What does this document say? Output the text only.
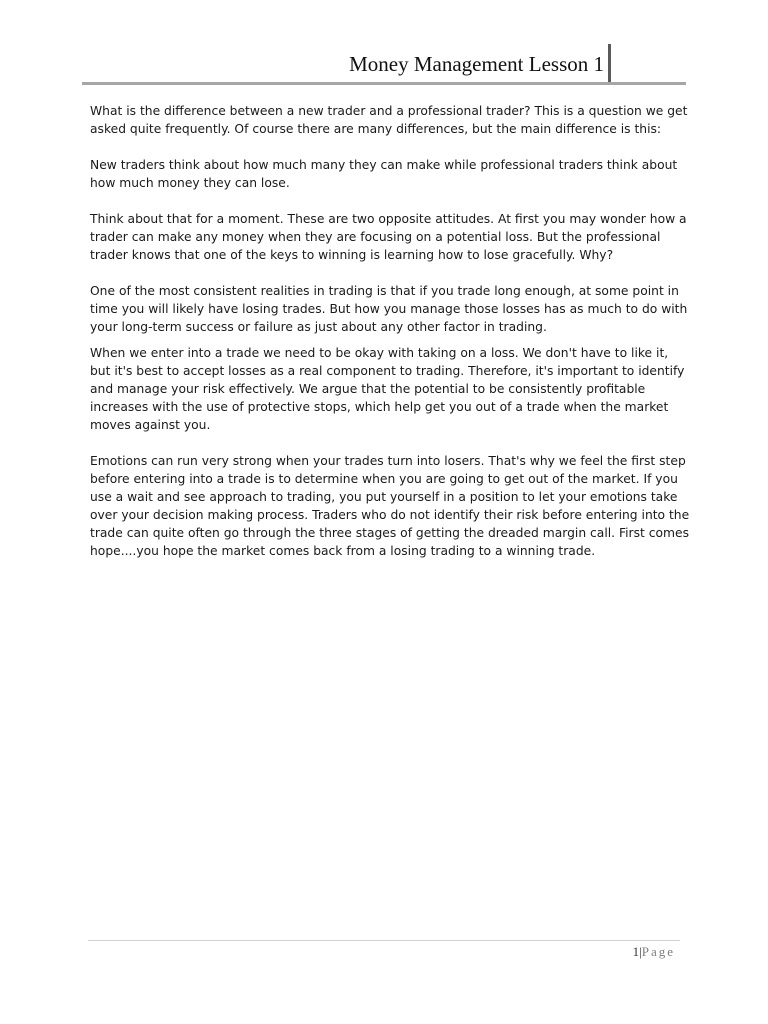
Money Management Lesson 1

What is the difference between a new trader and a professional trader? This is a question we get asked quite frequently. Of course there are many differences, but the main difference is this:

New traders think about how much many they can make while professional traders think about how much money they can lose.

Think about that for a moment. These are two opposite attitudes. At first you may wonder how a trader can make any money when they are focusing on a potential loss. But the professional trader knows that one of the keys to winning is learning how to lose gracefully. Why?

One of the most consistent realities in trading is that if you trade long enough, at some point in time you will likely have losing trades. But how you manage those losses has as much to do with your long-term success or failure as just about any other factor in trading.

When we enter into a trade we need to be okay with taking on a loss. We don't have to like it, but it's best to accept losses as a real component to trading. Therefore, it's important to identify and manage your risk effectively. We argue that the potential to be consistently profitable increases with the use of protective stops, which help get you out of a trade when the market moves against you.

Emotions can run very strong when your trades turn into losers. That's why we feel the first step before entering into a trade is to determine when you are going to get out of the market. If you use a wait and see approach to trading, you put yourself in a position to let your emotions take over your decision making process. Traders who do not identify their risk before entering into the trade can quite often go through the three stages of getting the dreaded margin call. First comes hope....you hope the market comes back from a losing trading to a winning trade.

1|Page
